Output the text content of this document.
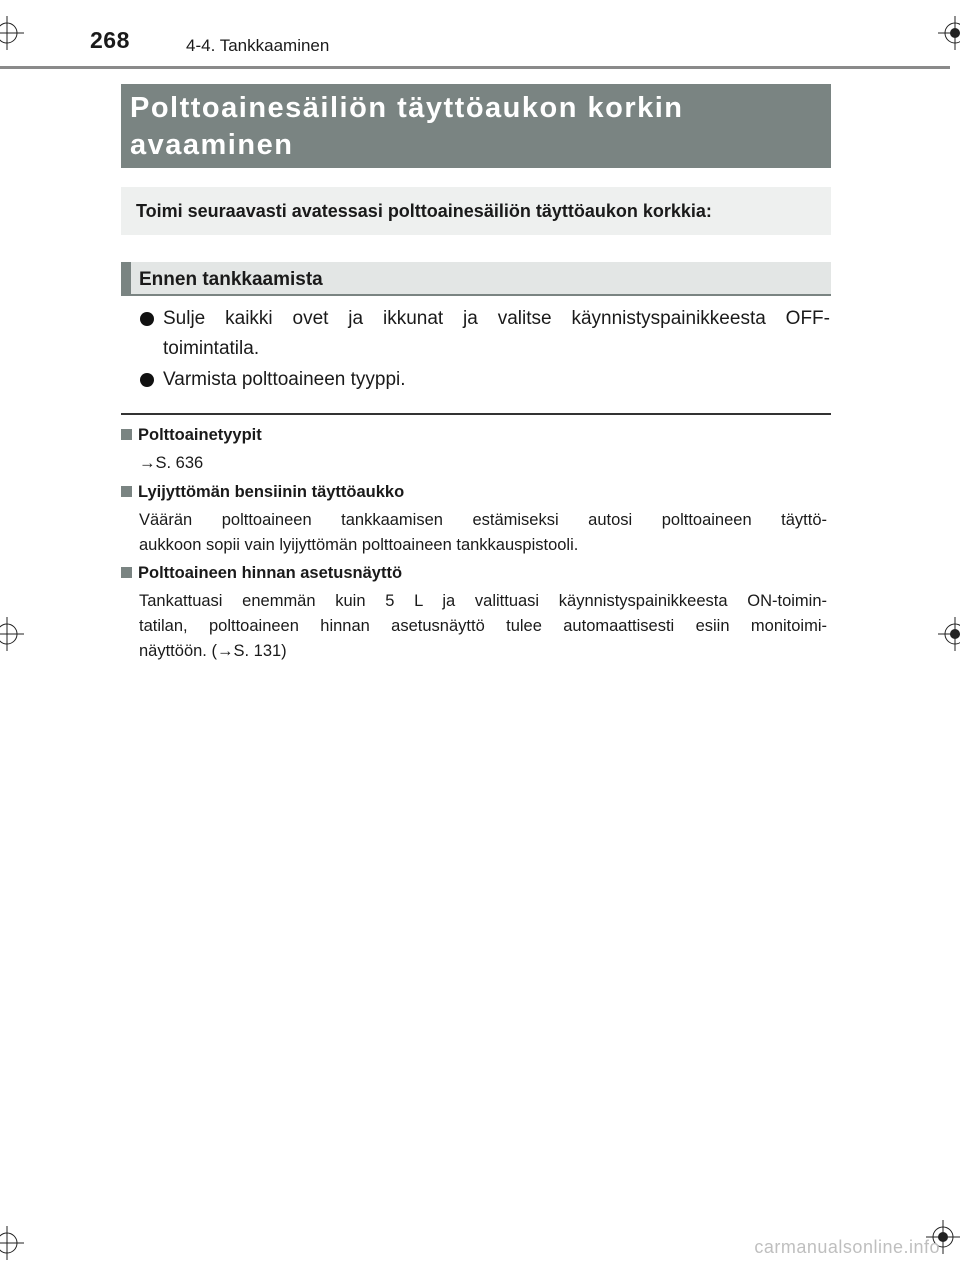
268	4-4. Tankkaaminen
Polttoainesäiliön täyttöaukon korkin
avaaminen
Toimi seuraavasti avatessasi polttoainesäiliön täyttöaukon korkkia:
Ennen tankkaamista
Sulje kaikki ovet ja ikkunat ja valitse käynnistyspainikkeesta OFF-
toimintatila.
Varmista polttoaineen tyyppi.
Polttoainetyypit
→S. 636
Lyijyttömän bensiinin täyttöaukko
Väärän polttoaineen tankkaamisen estämiseksi autosi polttoaineen täyttö-
aukkoon sopii vain lyijyttömän polttoaineen tankkauspistooli.
Polttoaineen hinnan asetusnäyttö
Tankattuasi enemmän kuin 5 L ja valittuasi käynnistyspainikkeesta ON-toimin-
tatilan, polttoaineen hinnan asetusnäyttö tulee automaattisesti esiin monitoimi-
näyttöön. (→S. 131)
carmanualsonline.info
